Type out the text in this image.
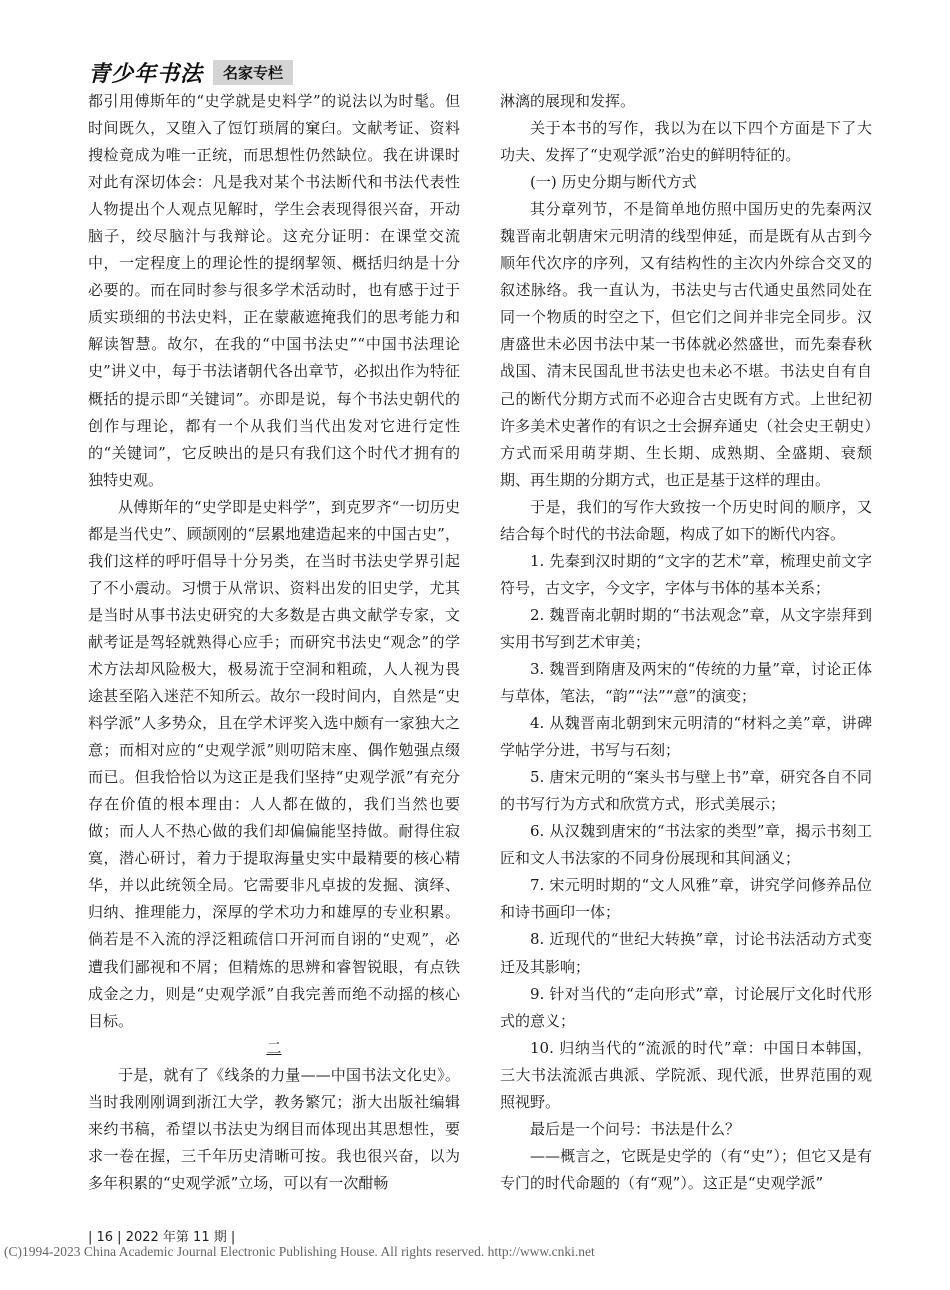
青少年书法	名家专栏

都引用傅斯年的“史学就是史料学”的说法以为时髦。但时间既久，又堕入了饾饤琐屑的窠臼。文献考证、资料搜检竟成为唯一正统，而思想性仍然缺位。我在讲课时对此有深切体会：凡是我对某个书法断代和书法代表性人物提出个人观点见解时，学生会表现得很兴奋，开动脑子，绞尽脑汁与我辩论。这充分证明：在课堂交流中，一定程度上的理论性的提纲挈领、概括归纳是十分必要的。而在同时参与很多学术活动时，也有感于过于质实琐细的书法史料，正在蒙蔽遮掩我们的思考能力和解读智慧。故尔，在我的“中国书法史”“中国书法理论史”讲义中，每于书法诸朝代各出章节，必拟出作为特征概括的提示即“关键词”。亦即是说，每个书法史朝代的创作与理论，都有一个从我们当代出发对它进行定性的“关键词”，它反映出的是只有我们这个时代才拥有的独特史观。

从傅斯年的“史学即是史料学”，到克罗齐“一切历史都是当代史”、顾颉刚的“层累地建造起来的中国古史”，我们这样的呼吁倡导十分另类，在当时书法史学界引起了不小震动。习惯于从常识、资料出发的旧史学，尤其是当时从事书法史研究的大多数是古典文献学专家，文献考证是驾轻就熟得心应手；而研究书法史“观念”的学术方法却风险极大，极易流于空洞和粗疏，人人视为畏途甚至陷入迷茫不知所云。故尔一段时间内，自然是“史料学派”人多势众，且在学术评奖入选中颇有一家独大之意；而相对应的“史观学派”则叨陪末座、偶作勉强点缀而已。但我恰恰以为这正是我们坚持“史观学派”有充分存在价值的根本理由：人人都在做的，我们当然也要做；而人人不热心做的我们却偏偏能坚持做。耐得住寂寞，潜心研讨，着力于提取海量史实中最精要的核心精华，并以此统领全局。它需要非凡卓拔的发掘、演绎、归纳、推理能力，深厚的学术功力和雄厚的专业积累。倘若是不入流的浮泛粗疏信口开河而自诩的“史观”，必遭我们鄙视和不屑；但精炼的思辨和睿智锐眼，有点铁成金之力，则是“史观学派”自我完善而绝不动摇的核心目标。

二

于是，就有了《线条的力量——中国书法文化史》。当时我刚刚调到浙江大学，教务繁冗；浙大出版社编辑来约书稿，希望以书法史为纲目而体现出其思想性，要求一卷在握，三千年历史清晰可按。我也很兴奋，以为多年积累的“史观学派”立场，可以有一次酣畅

淋漓的展现和发挥。

关于本书的写作，我以为在以下四个方面是下了大功夫、发挥了“史观学派”治史的鲜明特征的。

(一) 历史分期与断代方式

其分章列节，不是简单地仿照中国历史的先秦两汉魏晋南北朝唐宋元明清的线型伸延，而是既有从古到今顺年代次序的序列，又有结构性的主次内外综合交叉的叙述脉络。我一直认为，书法史与古代通史虽然同处在同一个物质的时空之下，但它们之间并非完全同步。汉唐盛世未必因书法中某一书体就必然盛世，而先秦春秋战国、清末民国乱世书法史也未必不堪。书法史自有自己的断代分期方式而不必迎合古史既有方式。上世纪初许多美术史著作的有识之士会摒弃通史（社会史王朝史）方式而采用萌芽期、生长期、成熟期、全盛期、衰颓期、再生期的分期方式，也正是基于这样的理由。

于是，我们的写作大致按一个历史时间的顺序，又结合每个时代的书法命题，构成了如下的断代内容。

1. 先秦到汉时期的“文字的艺术”章，梳理史前文字符号，古文字，今文字，字体与书体的基本关系；

2. 魏晋南北朝时期的“书法观念”章，从文字崇拜到实用书写到艺术审美；

3. 魏晋到隋唐及两宋的“传统的力量”章，讨论正体与草体，笔法，“韵”“法”“意”的演变；

4. 从魏晋南北朝到宋元明清的“材料之美”章，讲碑学帖学分进，书写与石刻；

5. 唐宋元明的“案头书与壁上书”章，研究各自不同的书写行为方式和欣赏方式，形式美展示；

6. 从汉魏到唐宋的“书法家的类型”章，揭示书刻工匠和文人书法家的不同身份展现和其间涵义；

7. 宋元明时期的“文人风雅”章，讲究学问修养品位和诗书画印一体；

8. 近现代的“世纪大转换”章，讨论书法活动方式变迁及其影响；

9. 针对当代的“走向形式”章，讨论展厅文化时代形式的意义；

10. 归纳当代的“流派的时代”章：中国日本韩国，三大书法流派古典派、学院派、现代派，世界范围的观照视野。

最后是一个问号：书法是什么？

——概言之，它既是史学的（有“史”）；但它又是有专门的时代命题的（有“观”）。这正是“史观学派”

| 16 | 2022 年第 11 期 |
(C)1994-2023 China Academic Journal Electronic Publishing House. All rights reserved. http://www.cnki.net
